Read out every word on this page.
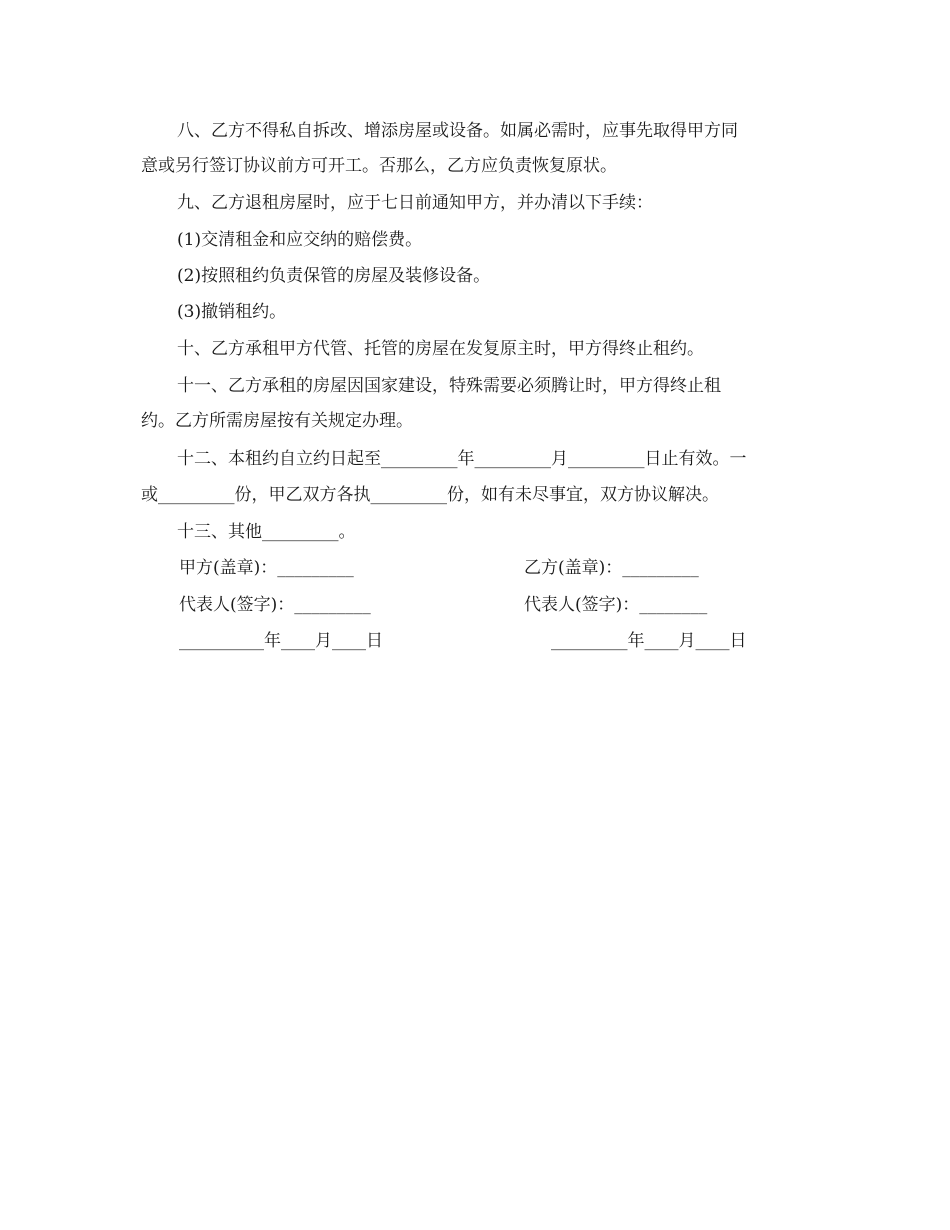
八、乙方不得私自拆改、增添房屋或设备。如属必需时，应事先取得甲方同
意或另行签订协议前方可开工。否那么，乙方应负责恢复原状。
九、乙方退租房屋时，应于七日前通知甲方，并办清以下手续：
(1)交清租金和应交纳的赔偿费。
(2)按照租约负责保管的房屋及装修设备。
(3)撤销租约。
十、乙方承租甲方代管、托管的房屋在发复原主时，甲方得终止租约。
十一、乙方承租的房屋因国家建设，特殊需要必须腾让时，甲方得终止租
约。乙方所需房屋按有关规定办理。
十二、本租约自立约日起至_________年_________月_________日止有效。一
或_________份，甲乙双方各执_________份，如有未尽事宜，双方协议解决。
十三、其他_________。
甲方(盖章)：_________	乙方(盖章)：_________
代表人(签字)：_________	代表人(签字)：________
__________年____月____日	_________年____月____日
